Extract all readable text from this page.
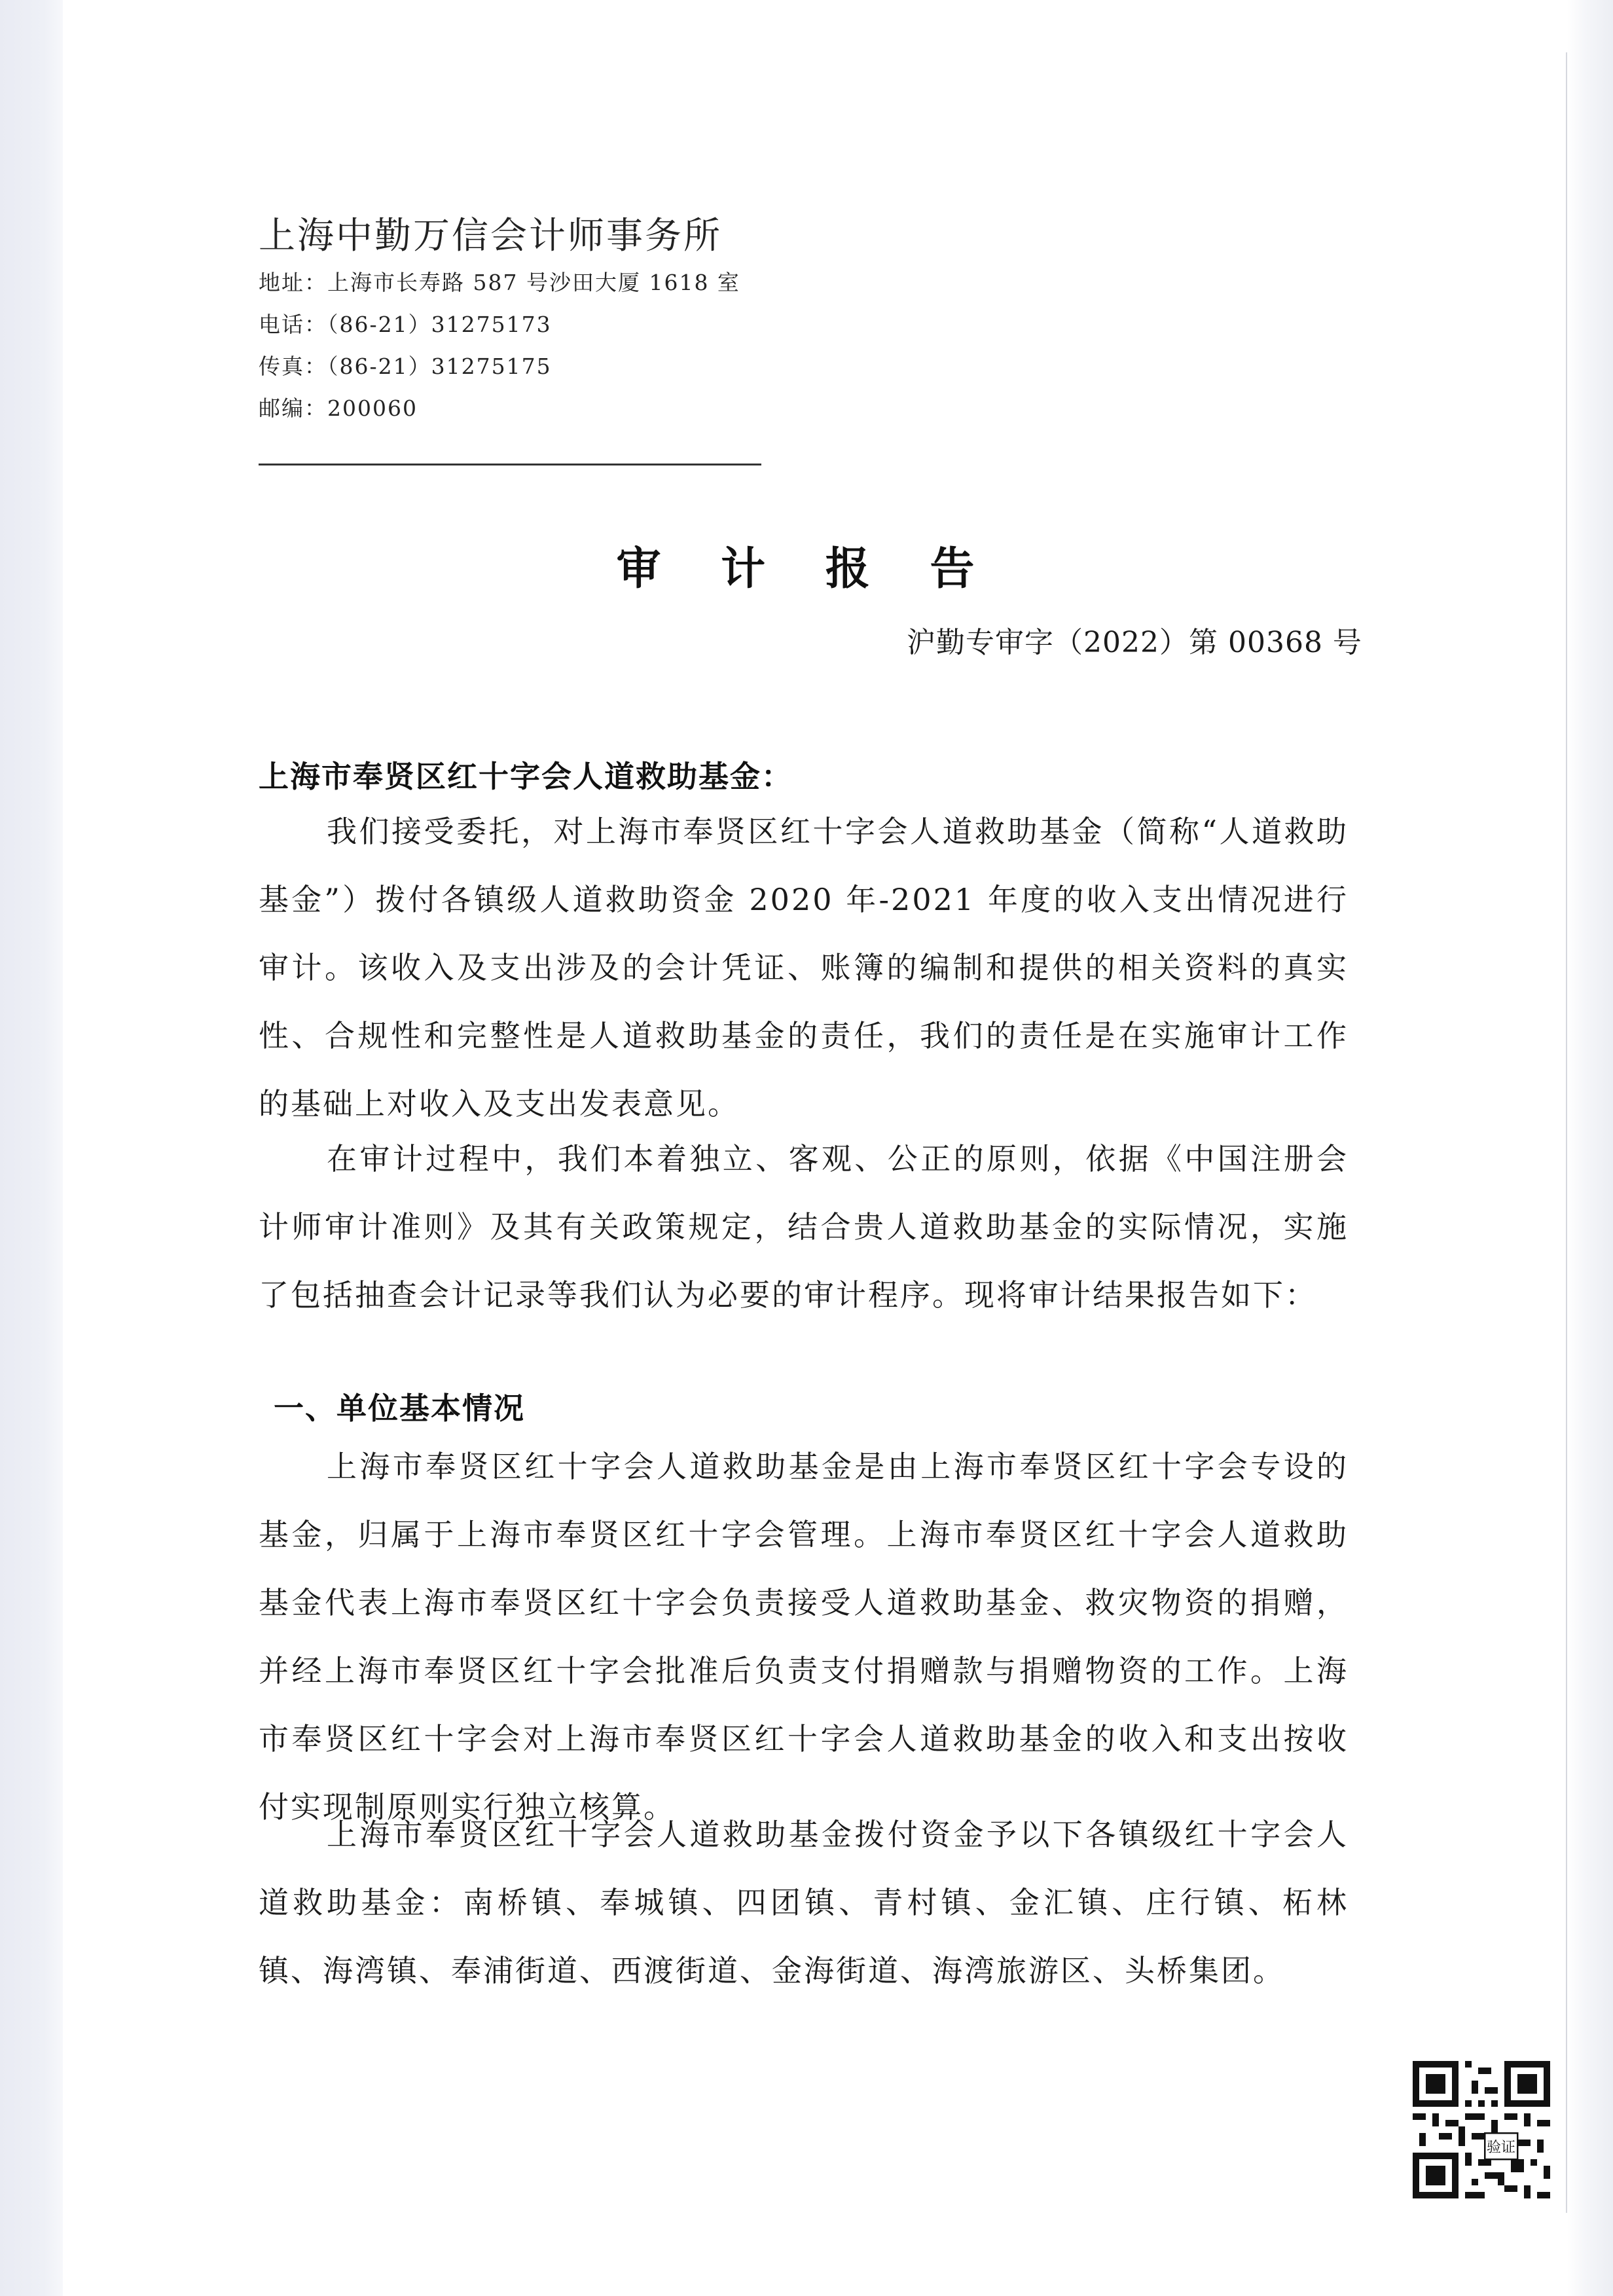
上海中勤万信会计师事务所
地址：上海市长寿路 587 号沙田大厦 1618 室
电话：（86-21）31275173
传真：（86-21）31275175
邮编：200060
审 计 报 告
沪勤专审字（2022）第 00368 号
上海市奉贤区红十字会人道救助基金：

我们接受委托，对上海市奉贤区红十字会人道救助基金（简称“人道救助基金”）拨付各镇级人道救助资金 2020 年-2021 年度的收入支出情况进行审计。该收入及支出涉及的会计凭证、账簿的编制和提供的相关资料的真实性、合规性和完整性是人道救助基金的责任，我们的责任是在实施审计工作的基础上对收入及支出发表意见。

在审计过程中，我们本着独立、客观、公正的原则，依据《中国注册会计师审计准则》及其有关政策规定，结合贵人道救助基金的实际情况，实施了包括抽查会计记录等我们认为必要的审计程序。现将审计结果报告如下：

一、单位基本情况

上海市奉贤区红十字会人道救助基金是由上海市奉贤区红十字会专设的基金，归属于上海市奉贤区红十字会管理。上海市奉贤区红十字会人道救助基金代表上海市奉贤区红十字会负责接受人道救助基金、救灾物资的捐赠，并经上海市奉贤区红十字会批准后负责支付捐赠款与捐赠物资的工作。上海市奉贤区红十字会对上海市奉贤区红十字会人道救助基金的收入和支出按收付实现制原则实行独立核算。

上海市奉贤区红十字会人道救助基金拨付资金予以下各镇级红十字会人道救助基金：南桥镇、奉城镇、四团镇、青村镇、金汇镇、庄行镇、柘林镇、海湾镇、奉浦街道、西渡街道、金海街道、海湾旅游区、头桥集团。

验证
